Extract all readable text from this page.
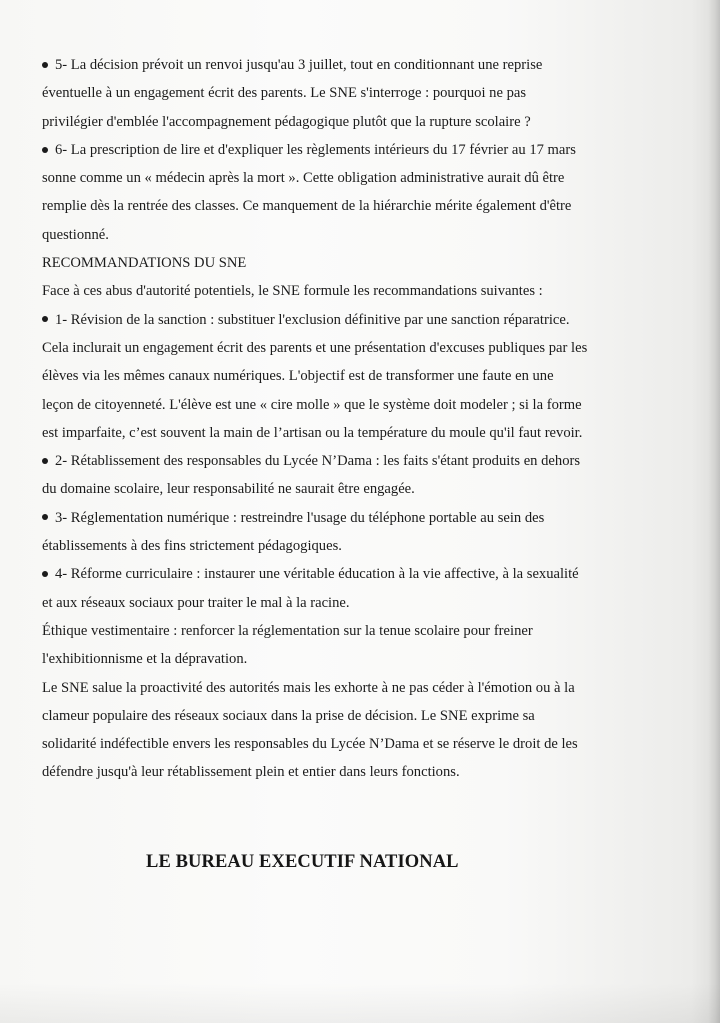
5- La décision prévoit un renvoi jusqu'au 3 juillet, tout en conditionnant une reprise
éventuelle à un engagement écrit des parents. Le SNE s'interroge : pourquoi ne pas
privilégier d'emblée l'accompagnement pédagogique plutôt que la rupture scolaire ?
6- La prescription de lire et d'expliquer les règlements intérieurs du 17 février au 17 mars
sonne comme un « médecin après la mort ». Cette obligation administrative aurait dû être
remplie dès la rentrée des classes. Ce manquement de la hiérarchie mérite également d'être
questionné.
RECOMMANDATIONS DU SNE
Face à ces abus d'autorité potentiels, le SNE formule les recommandations suivantes :
1- Révision de la sanction : substituer l'exclusion définitive par une sanction réparatrice.
Cela inclurait un engagement écrit des parents et une présentation d'excuses publiques par les
élèves via les mêmes canaux numériques. L'objectif est de transformer une faute en une
leçon de citoyenneté. L'élève est une « cire molle » que le système doit modeler ; si la forme
est imparfaite, c’est souvent la main de l’artisan ou la température du moule qu'il faut revoir.
2- Rétablissement des responsables du Lycée N’Dama : les faits s'étant produits en dehors
du domaine scolaire, leur responsabilité ne saurait être engagée.
3- Réglementation numérique : restreindre l'usage du téléphone portable au sein des
établissements à des fins strictement pédagogiques.
4- Réforme curriculaire : instaurer une véritable éducation à la vie affective, à la sexualité
et aux réseaux sociaux pour traiter le mal à la racine.
Éthique vestimentaire : renforcer la réglementation sur la tenue scolaire pour freiner
l'exhibitionnisme et la dépravation.
Le SNE salue la proactivité des autorités mais les exhorte à ne pas céder à l'émotion ou à la
clameur populaire des réseaux sociaux dans la prise de décision. Le SNE exprime sa
solidarité indéfectible envers les responsables du Lycée N’Dama et se réserve le droit de les
défendre jusqu'à leur rétablissement plein et entier dans leurs fonctions.
LE BUREAU EXECUTIF NATIONAL
